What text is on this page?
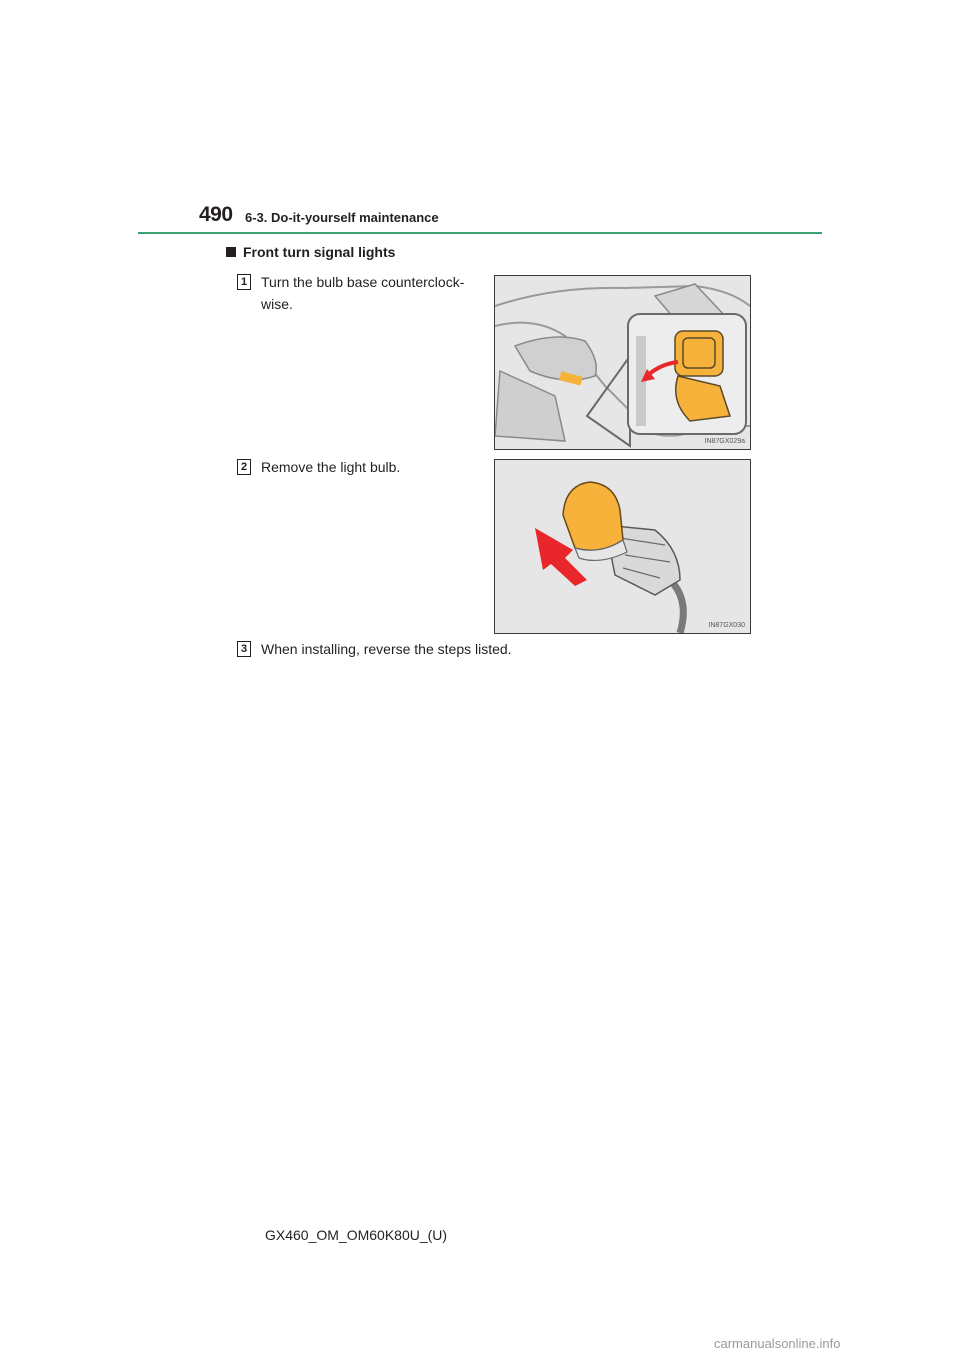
490 6-3. Do-it-yourself maintenance
Front turn signal lights
1 Turn the bulb base counterclock-
wise.
IN87GX029a
2 Remove the light bulb.
IN87GX030
3 When installing, reverse the steps listed.
GX460_OM_OM60K80U_(U)
carmanualsonline.info
